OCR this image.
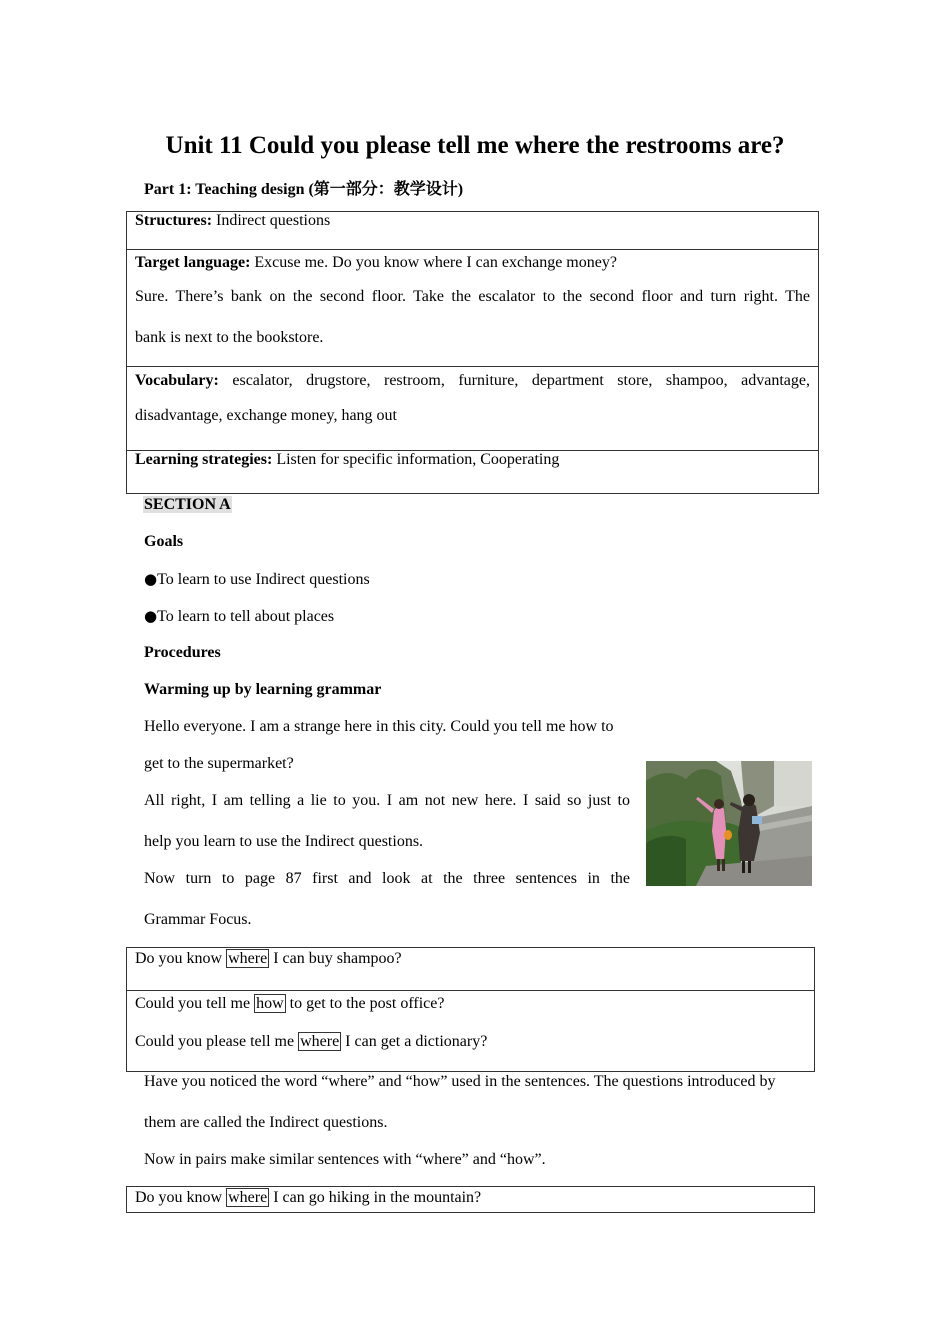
Unit 11 Could you please tell me where the restrooms are?
Part 1: Teaching design (第一部分：教学设计)
Structures: Indirect questions

Target language: Excuse me. Do you know where I can exchange money?

Sure. There’s bank on the second floor. Take the escalator to the second floor and turn right. The
bank is next to the bookstore.

Vocabulary: escalator, drugstore, restroom, furniture, department store, shampoo, advantage,
disadvantage, exchange money, hang out

Learning strategies: Listen for specific information, Cooperating

SECTION A

Goals

●To learn to use Indirect questions

●To learn to tell about places

Procedures

Warming up by learning grammar

Hello everyone. I am a strange here in this city. Could you tell me how to

get to the supermarket?

All right, I am telling a lie to you. I am not new here. I said so just to

help you learn to use the Indirect questions.

Now turn to page 87 first and look at the three sentences in the

Grammar Focus.

Do you know where I can buy shampoo?

Could you tell me how to get to the post office?
Could you please tell me where I can get a dictionary?

Have you noticed the word “where” and “how” used in the sentences. The questions introduced by

them are called the Indirect questions.

Now in pairs make similar sentences with “where” and “how”.

Do you know where I can go hiking in the mountain?
